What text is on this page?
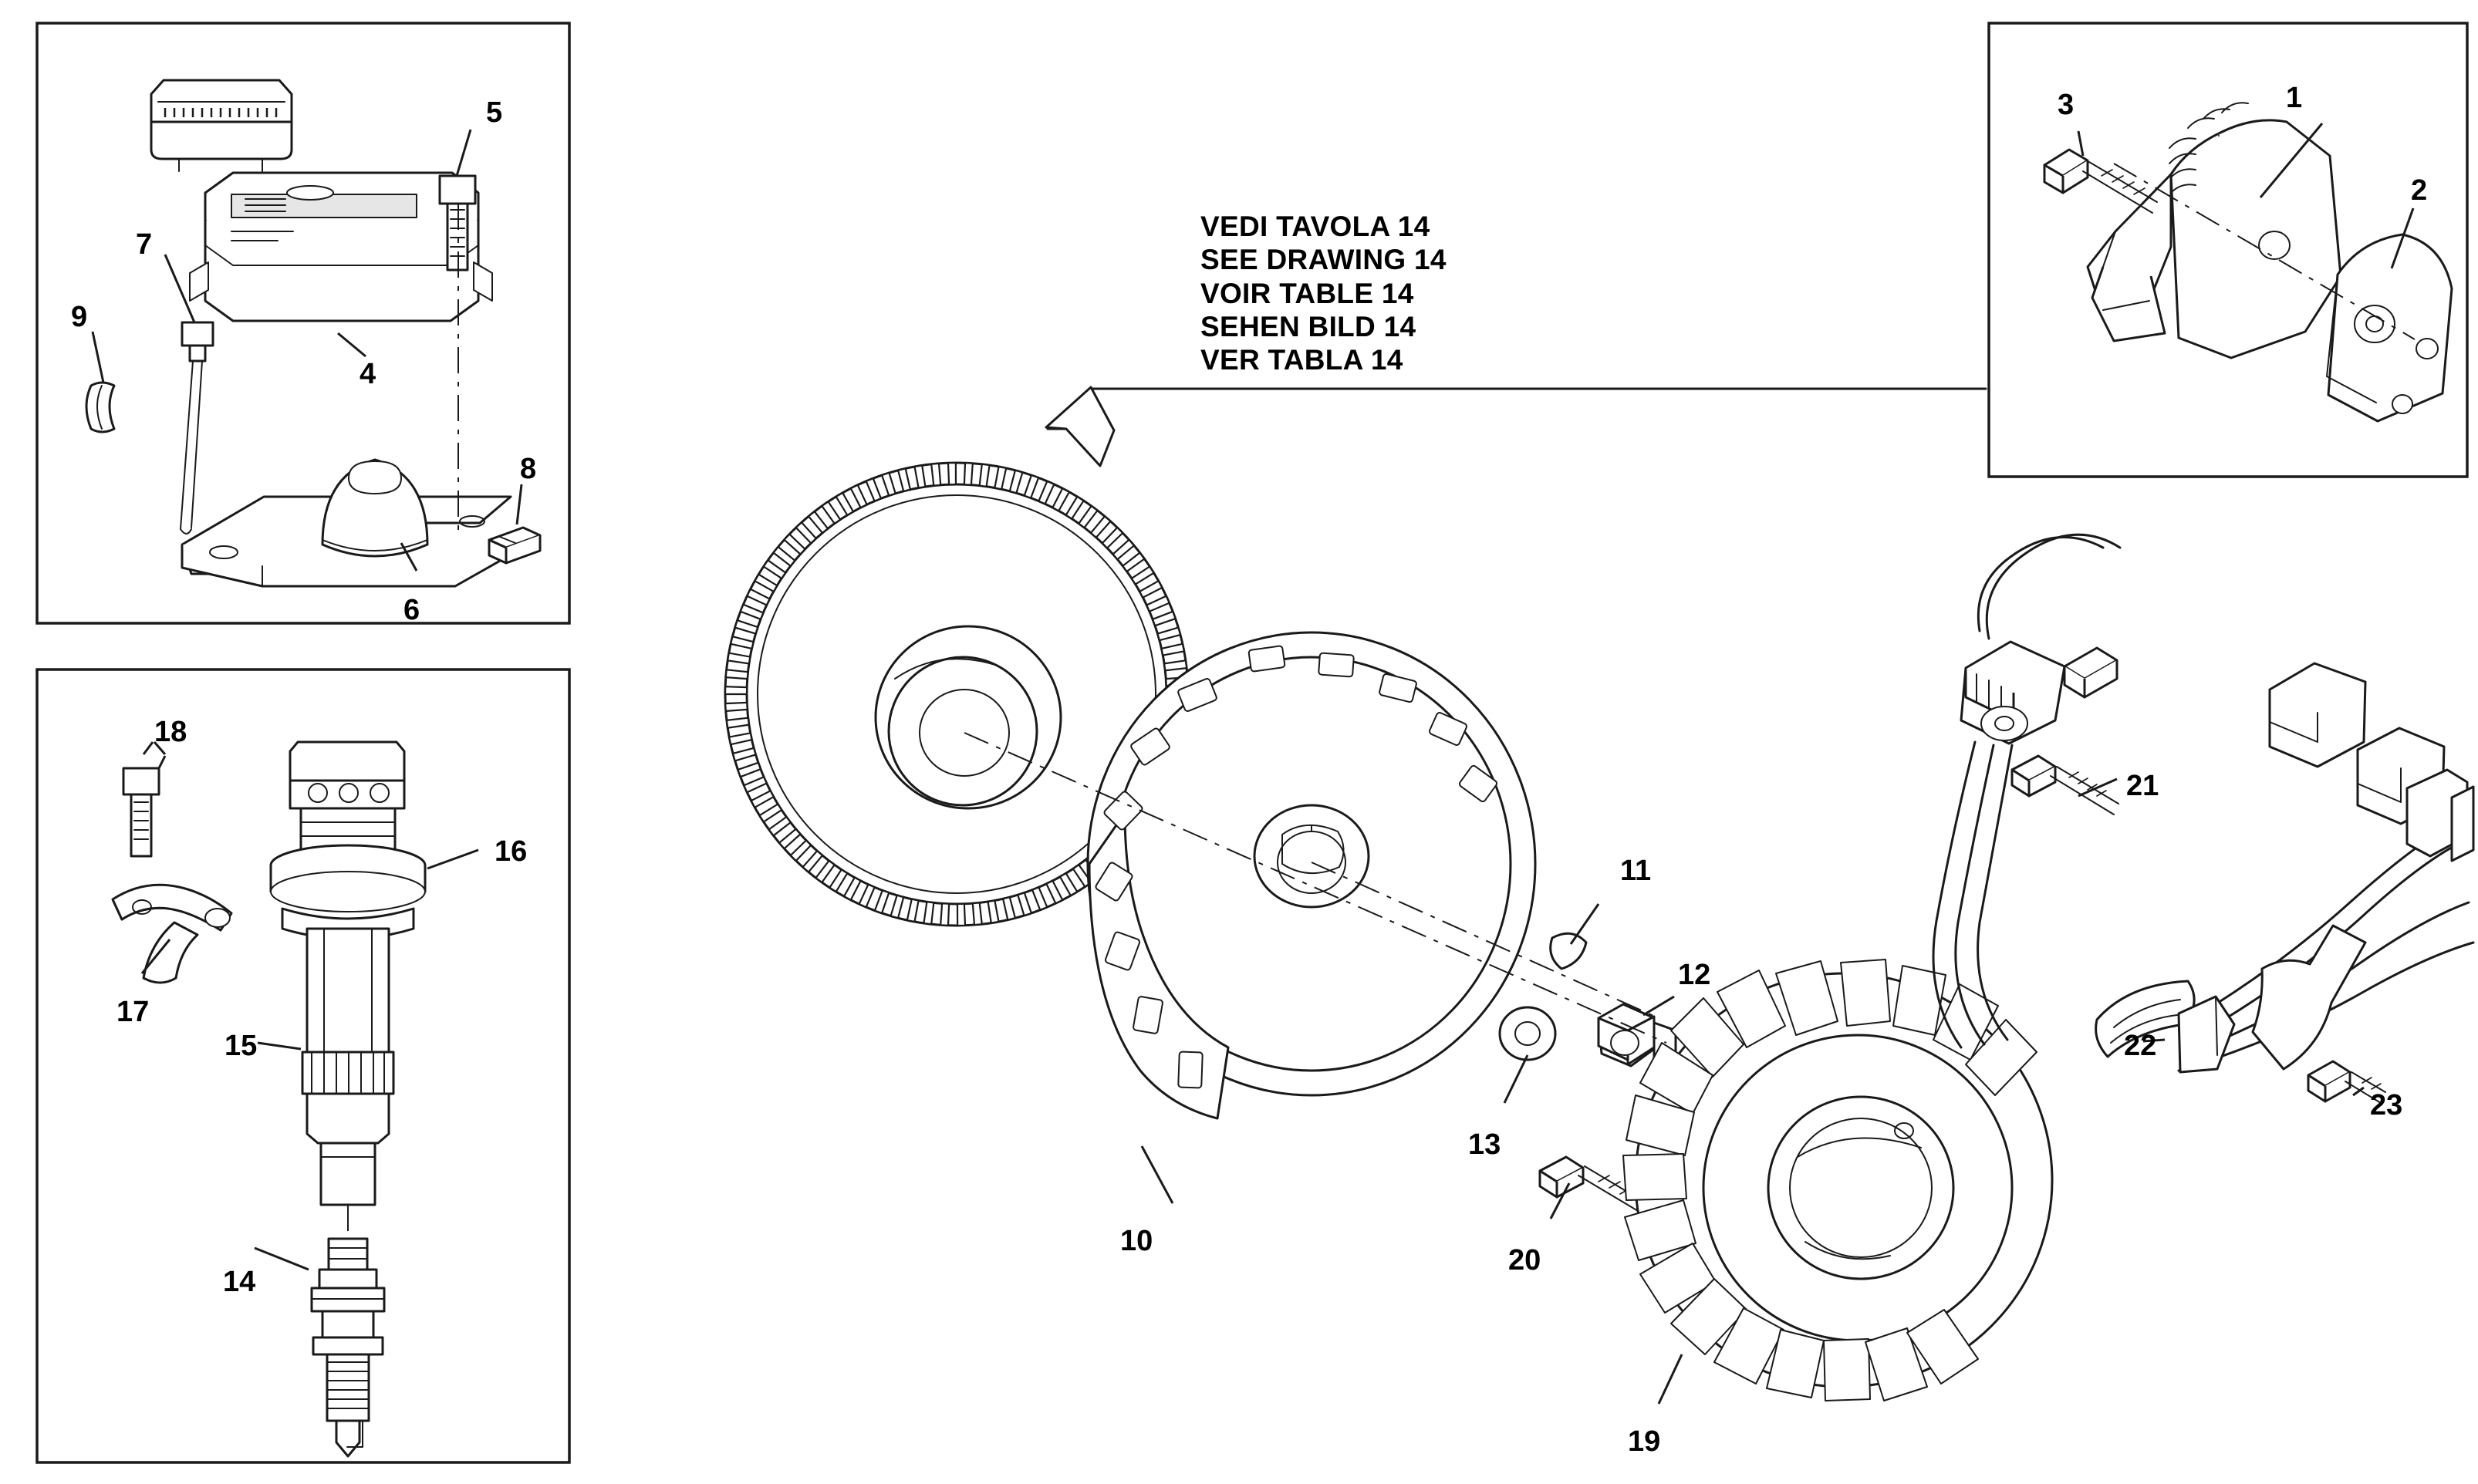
VEDI TAVOLA 14
SEE DRAWING 14
VOIR TABLE 14
SEHEN BILD 14
VER TABLA 14
1
2
3
4
5
6
7
8
9
10
11
12
13
14
15
16
17
18
19
20
21
22
23
